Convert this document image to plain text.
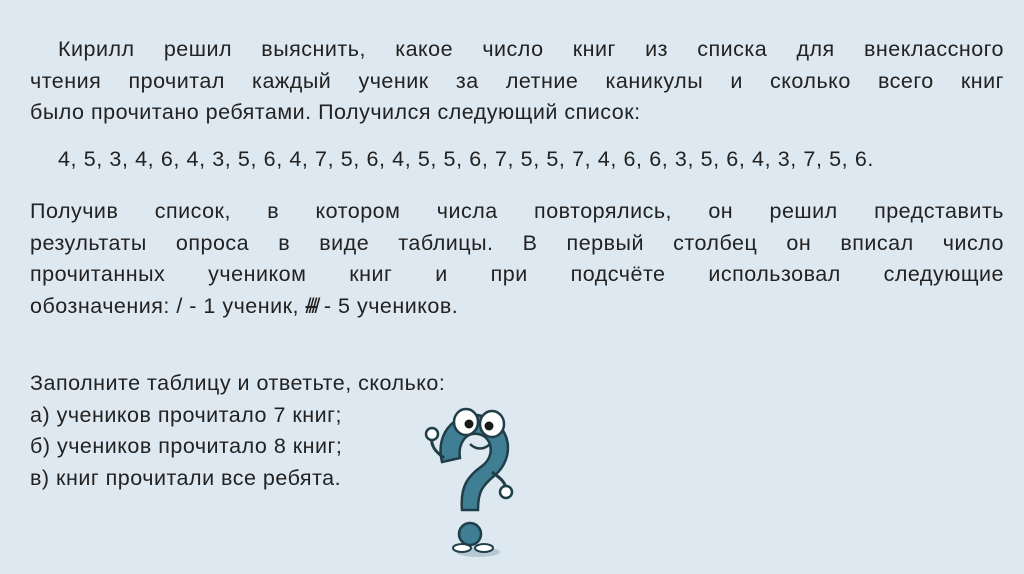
Кирилл решил выяснить, какое число книг из списка для внеклассного
чтения прочитал каждый ученик за летние каникулы и сколько всего книг
было прочитано ребятами. Получился следующий список:
4, 5, 3, 4, 6, 4, 3, 5, 6, 4, 7, 5, 6, 4, 5, 5, 6, 7, 5, 5, 7, 4, 6, 6, 3, 5, 6, 4, 3, 7, 5, 6.
Получив список, в котором числа повторялись, он решил представить
результаты опроса в виде таблицы. В первый столбец он вписал число
прочитанных учеником книг и при подсчёте использовал следующие
обозначения: / - 1 ученик, //// - 5 учеников.
Заполните таблицу и ответьте, сколько:
а) учеников прочитало 7 книг;
б) учеников прочитало 8 книг;
в) книг прочитали все ребята.
